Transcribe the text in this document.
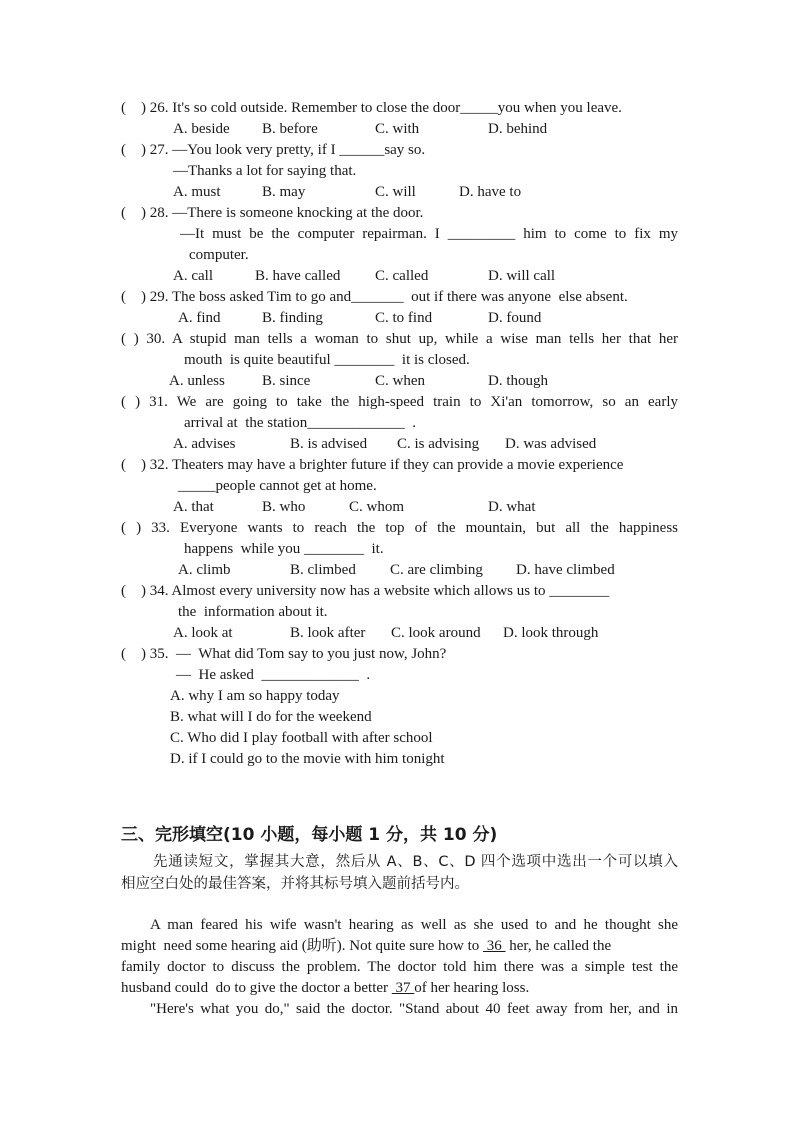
(    ) 26. It's so cold outside. Remember to close the door_____you when you leave.

A. beside

B. before

	C. with

	D. behind

(    ) 27. —You look very pretty, if I ______say so.
—Thanks a lot for saying that.

A. must

	B. may

	C. will

	D. have to

(    ) 28. —There is someone knocking at the door.
—It must be the computer repairman. I _________ him to come to fix my
computer.

A. call

	B. have called

C. called

	D. will call

(    ) 29. The boss asked Tim to go and_______  out if there was anyone  else absent.

A. find

	B. finding

	C. to find

	D. found

( ) 30. A stupid man tells a woman to shut up, while a wise man tells her that her
mouth  is quite beautiful ________  it is closed.

A. unless

B. since

	C. when

	D. though

( ) 31. We are going to take the high-speed train to Xi'an tomorrow, so an early
arrival at  the station_____________  .

A. advises

	B. is advised

C. is advising

D. was advised

(    ) 32. Theaters may have a brighter future if they can provide a movie experience
_____people cannot get at home.

A. that

	B. who

	C. whom

	D. what

( ) 33. Everyone wants to reach the top of the mountain, but all the happiness
happens  while you ________  it.

A. climb

	B. climbed

C. are climbing

D. have climbed

(    ) 34. Almost every university now has a website which allows us to ________
the  information about it.

A. look at

	B. look after

C. look around

D. look through

(    ) 35.  —  What did Tom say to you just now, John?
—  He asked  _____________  .
A. why I am so happy today
B. what will I do for the weekend
C. Who did I play football with after school
D. if I could go to the movie with him tonight
三、完形填空(10 小题，每小题 1 分，共 10 分)
先通读短文，掌握其大意，然后从 A、B、C、D 四个选项中选出一个可以填入
相应空白处的最佳答案，并将其标号填入题前括号内。
A man feared his wife wasn't hearing as well as she used to and he thought she
might  need some hearing aid (助听). Not quite sure how to  36  her, he called the
family doctor to discuss the problem. The doctor told him there was a simple test the
husband could  do to give the doctor a better  37 of her hearing loss.
"Here's what you do," said the doctor. "Stand about 40 feet away from her, and in
